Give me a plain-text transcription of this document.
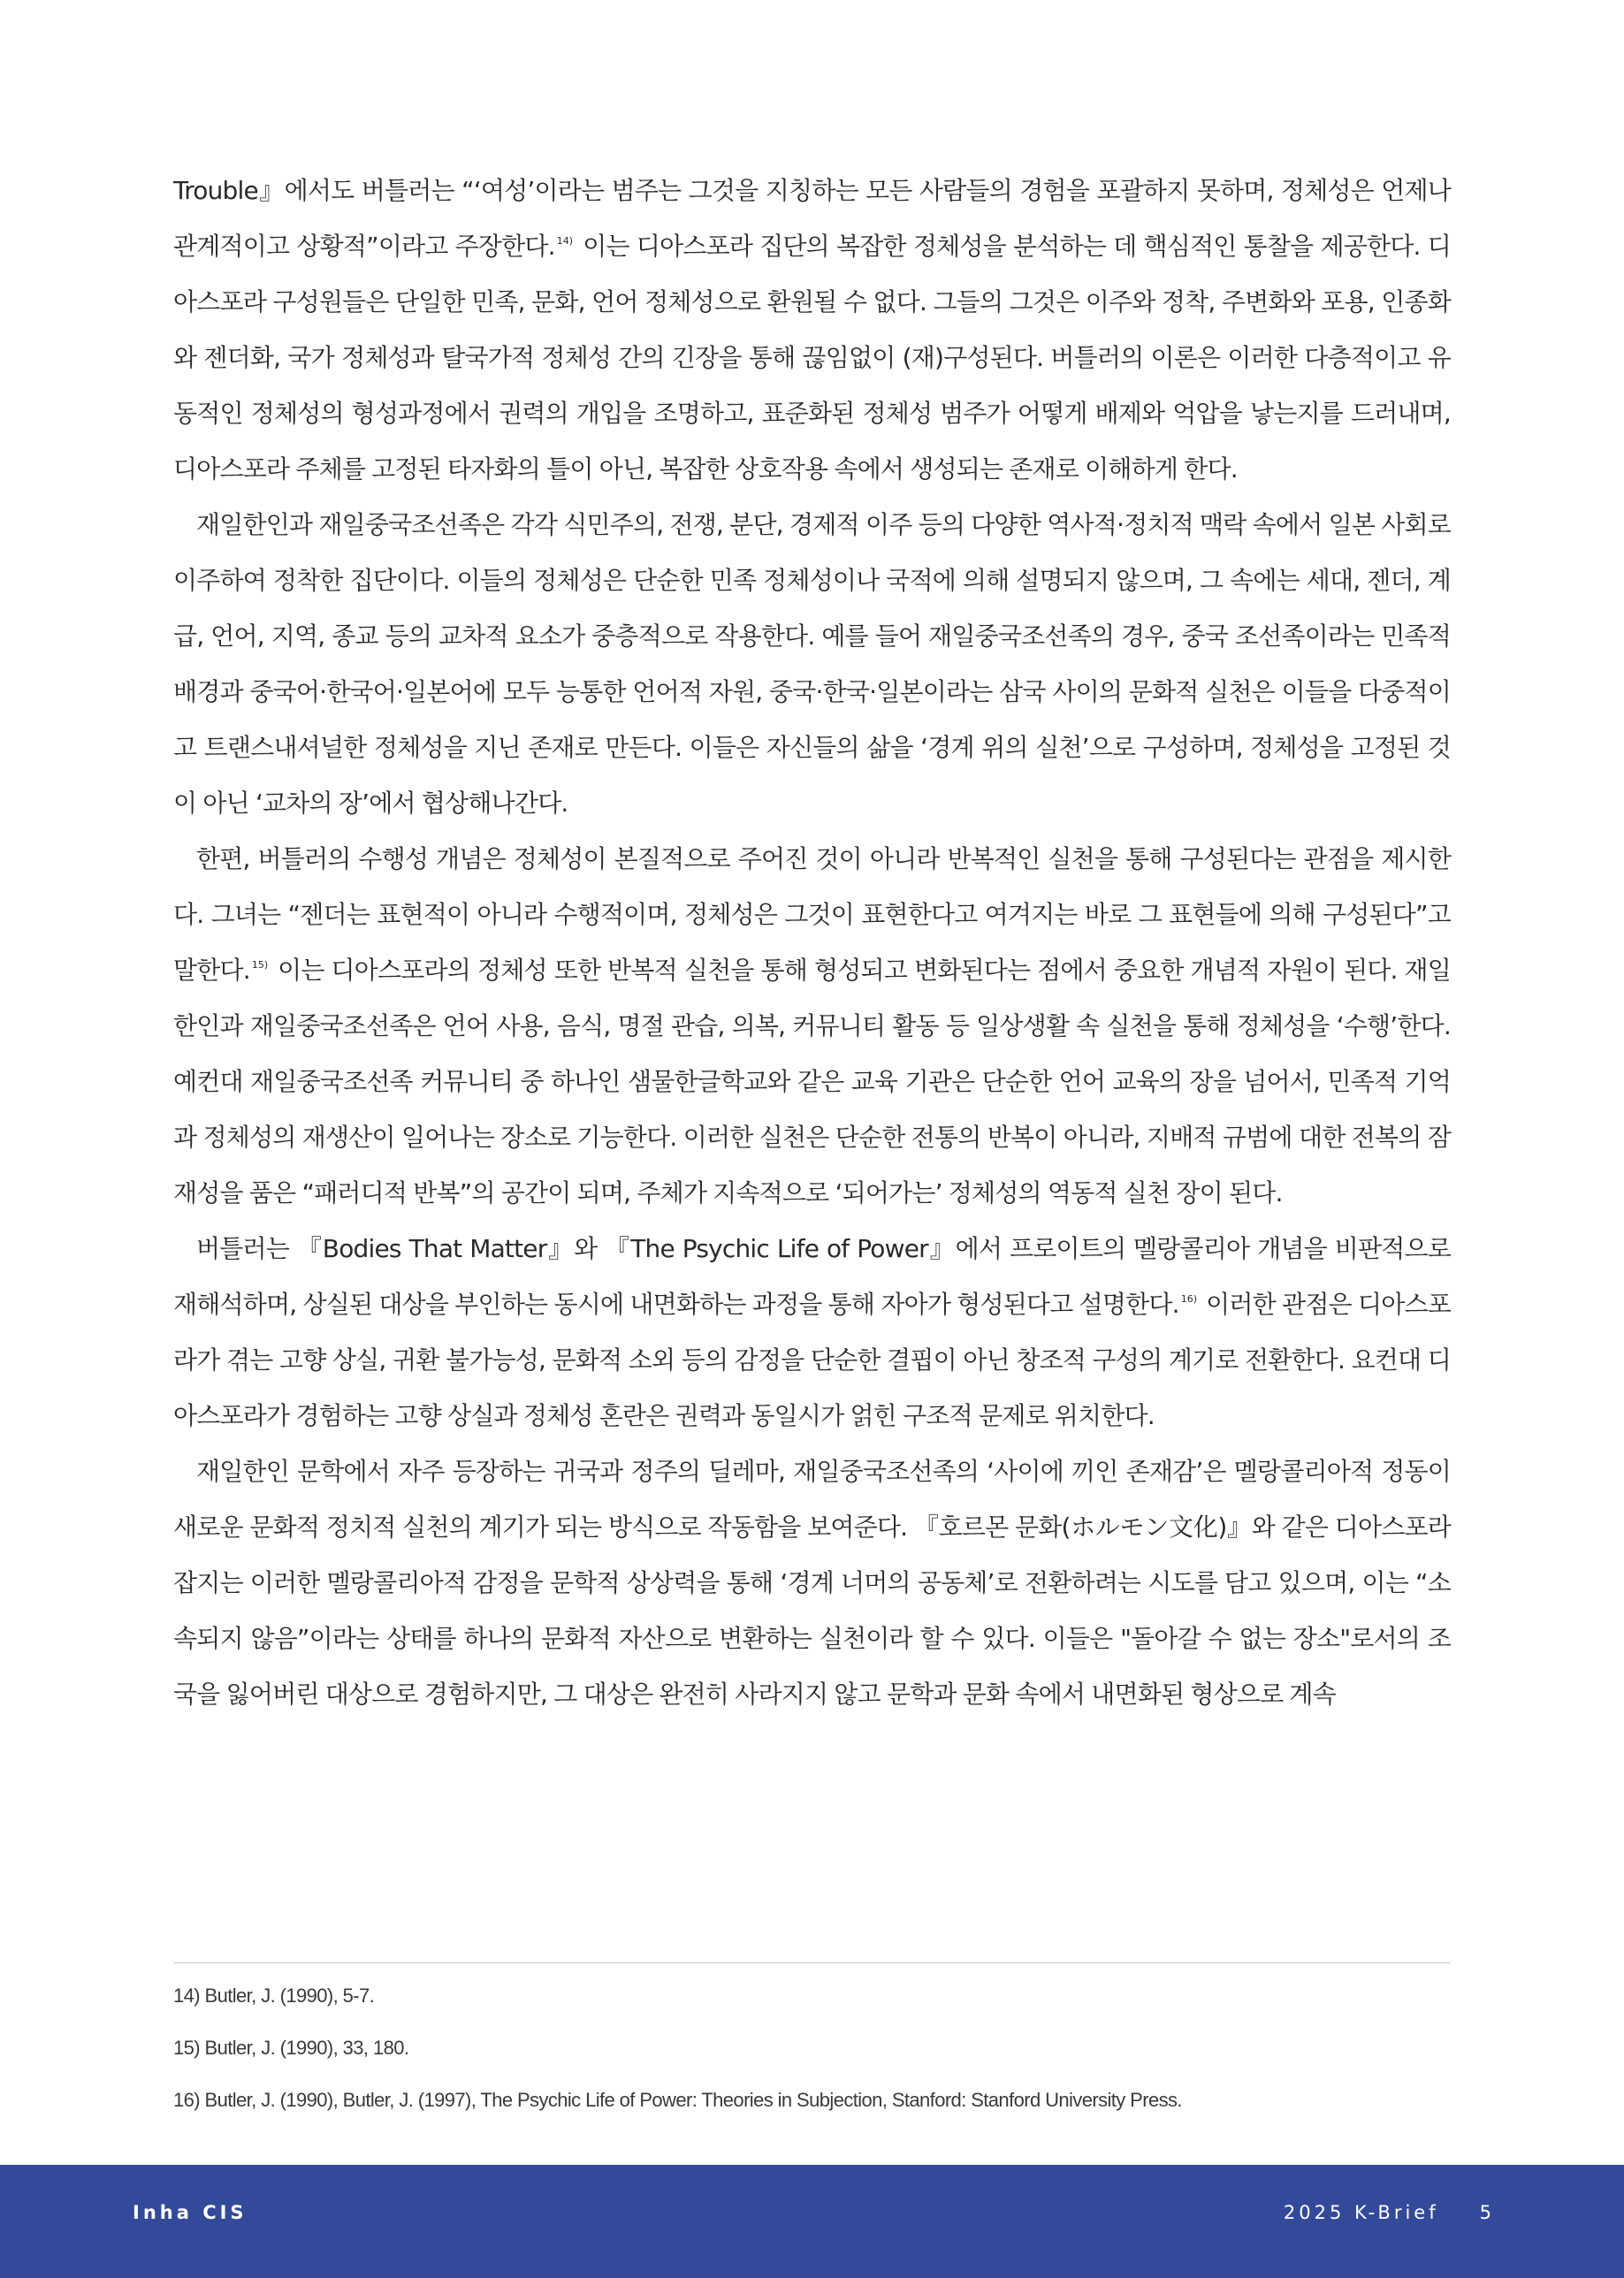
Trouble』에서도 버틀러는 “‘여성’이라는 범주는 그것을 지칭하는 모든 사람들의 경험을 포괄하지 못하며, 정체성은 언제나 관계적이고 상황적”이라고 주장한다. $^{14)}$ 이는 디아스포라 집단의 복잡한 정체성을 분석하는 데 핵심적인 통찰을 제공한다. 디아스포라 구성원들은 단일한 민족, 문화, 언어 정체성으로 환원될 수 없다. 그들의 그것은 이주와 정착, 주변화와 포용, 인종화와 젠더화, 국가 정체성과 탈국가적 정체성 간의 긴장을 통해 끊임없이 (재)구성된다. 버틀러의 이론은 이러한 다층적이고 유동적인 정체성의 형성과정에서 권력의 개입을 조명하고, 표준화된 정체성 범주가 어떻게 배제와 억압을 낳는지를 드러내며, 디아스포라 주체를 고정된 타자화의 틀이 아닌, 복잡한 상호작용 속에서 생성되는 존재로 이해하게 한다.

재일한인과 재일중국조선족은 각각 식민주의, 전쟁, 분단, 경제적 이주 등의 다양한 역사적·정치적 맥락 속에서 일본 사회로 이주하여 정착한 집단이다. 이들의 정체성은 단순한 민족 정체성이나 국적에 의해 설명되지 않으며, 그 속에는 세대, 젠더, 계급, 언어, 지역, 종교 등의 교차적 요소가 중층적으로 작용한다. 예를 들어 재일중국조선족의 경우, 중국 조선족이라는 민족적 배경과 중국어·한국어·일본어에 모두 능통한 언어적 자원, 중국·한국·일본이라는 삼국 사이의 문화적 실천은 이들을 다중적이고 트랜스내셔널한 정체성을 지닌 존재로 만든다. 이들은 자신들의 삶을 ‘경계 위의 실천’으로 구성하며, 정체성을 고정된 것이 아닌 ‘교차의 장’에서 협상해나간다.

한편, 버틀러의 수행성 개념은 정체성이 본질적으로 주어진 것이 아니라 반복적인 실천을 통해 구성된다는 관점을 제시한다. 그녀는 “젠더는 표현적이 아니라 수행적이며, 정체성은 그것이 표현한다고 여겨지는 바로 그 표현들에 의해 구성된다”고 말한다. $^{15)}$ 이는 디아스포라의 정체성 또한 반복적 실천을 통해 형성되고 변화된다는 점에서 중요한 개념적 자원이 된다. 재일한인과 재일중국조선족은 언어 사용, 음식, 명절 관습, 의복, 커뮤니티 활동 등 일상생활 속 실천을 통해 정체성을 ‘수행’한다. 예컨대 재일중국조선족 커뮤니티 중 하나인 샘물한글학교와 같은 교육 기관은 단순한 언어 교육의 장을 넘어서, 민족적 기억과 정체성의 재생산이 일어나는 장소로 기능한다. 이러한 실천은 단순한 전통의 반복이 아니라, 지배적 규범에 대한 전복의 잠재성을 품은 “패러디적 반복”의 공간이 되며, 주체가 지속적으로 ‘되어가는’ 정체성의 역동적 실천 장이 된다.

버틀러는 『Bodies That Matter』와 『The Psychic Life of Power』에서 프로이트의 멜랑콜리아 개념을 비판적으로 재해석하며, 상실된 대상을 부인하는 동시에 내면화하는 과정을 통해 자아가 형성된다고 설명한다. $^{16)}$ 이러한 관점은 디아스포라가 겪는 고향 상실, 귀환 불가능성, 문화적 소외 등의 감정을 단순한 결핍이 아닌 창조적 구성의 계기로 전환한다. 요컨대 디아스포라가 경험하는 고향 상실과 정체성 혼란은 권력과 동일시가 얽힌 구조적 문제로 위치한다.

재일한인 문학에서 자주 등장하는 귀국과 정주의 딜레마, 재일중국조선족의 ‘사이에 끼인 존재감’은 멜랑콜리아적 정동이 새로운 문화적 정치적 실천의 계기가 되는 방식으로 작동함을 보여준다. 『호르몬 문화(ホルモン文化)』와 같은 디아스포라 잡지는 이러한 멜랑콜리아적 감정을 문학적 상상력을 통해 ‘경계 너머의 공동체’로 전환하려는 시도를 담고 있으며, 이는 “소속되지 않음”이라는 상태를 하나의 문화적 자산으로 변환하는 실천이라 할 수 있다. 이들은 "돌아갈 수 없는 장소"로서의 조국을 잃어버린 대상으로 경험하지만, 그 대상은 완전히 사라지지 않고 문학과 문화 속에서 내면화된 형상으로 계속

14) Butler, J. (1990), 5-7.
15) Butler, J. (1990), 33, 180.
16) Butler, J. (1990), Butler, J. (1997), The Psychic Life of Power: Theories in Subjection, Stanford: Stanford University Press.
Inha CIS	2025 K-Brief 5
